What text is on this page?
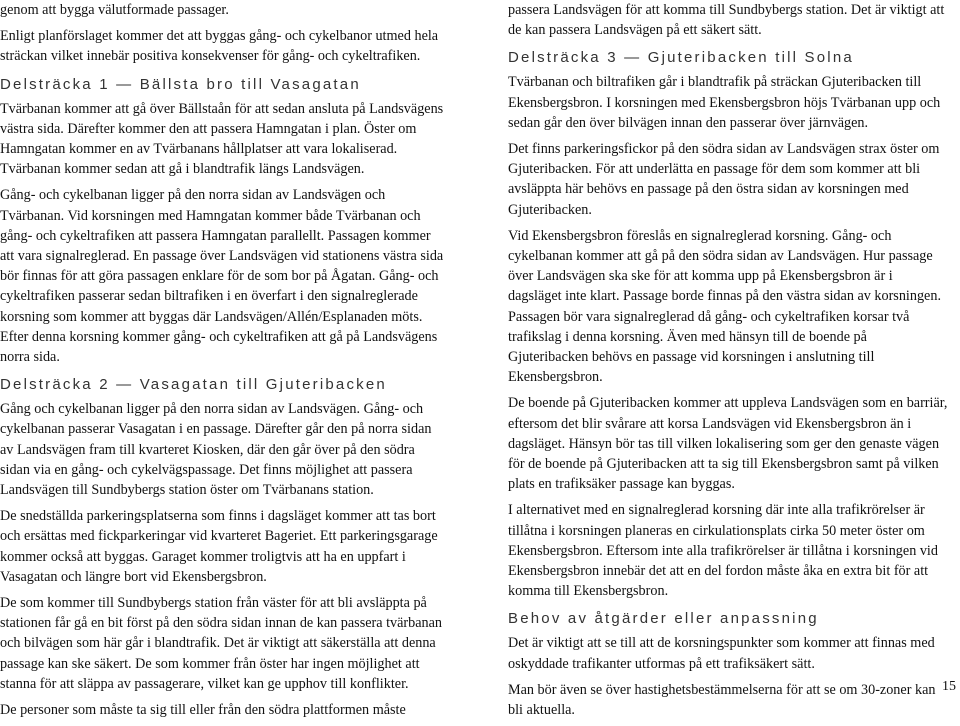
genom att bygga välutformade passager.

Enligt planförslaget kommer det att byggas gång- och cykelbanor utmed hela sträckan vilket innebär positiva konsekvenser för gång- och cykeltrafiken.

Delsträcka 1 — Bällsta bro till Vasagatan

Tvärbanan kommer att gå över Bällstaån för att sedan ansluta på Landsvägens västra sida. Därefter kommer den att passera Hamngatan i plan. Öster om Hamngatan kommer en av Tvärbanans hållplatser att vara lokaliserad. Tvärbanan kommer sedan att gå i blandtrafik längs Landsvägen.

Gång- och cykelbanan ligger på den norra sidan av Landsvägen och Tvärbanan. Vid korsningen med Hamngatan kommer både Tvärbanan och gång- och cykeltrafiken att passera Hamngatan parallellt. Passagen kommer att vara signalreglerad. En passage över Landsvägen vid stationens västra sida bör finnas för att göra passagen enklare för de som bor på Ågatan. Gång- och cykeltrafiken passerar sedan biltrafiken i en överfart i den signalreglerade korsning som kommer att byggas där Landsvägen/Allén/Esplanaden möts. Efter denna korsning kommer gång- och cykeltrafiken att gå på Landsvägens norra sida.

Delsträcka 2 — Vasagatan till Gjuteribacken

Gång och cykelbanan ligger på den norra sidan av Landsvägen. Gång- och cykelbanan passerar Vasagatan i en passage. Därefter går den på norra sidan av Landsvägen fram till kvarteret Kiosken, där den går över på den södra sidan via en gång- och cykelvägspassage. Det finns möjlighet att passera Landsvägen till Sundbybergs station öster om Tvärbanans station.

De snedställda parkeringsplatserna som finns i dagsläget kommer att tas bort och ersättas med fickparkeringar vid kvarteret Bageriet. Ett parkeringsgarage kommer också att byggas. Garaget kommer troligtvis att ha en uppfart i Vasagatan och längre bort vid Ekensbergsbron.

De som kommer till Sundbybergs station från väster för att bli avsläppta på stationen får gå en bit först på den södra sidan innan de kan passera tvärbanan och bilvägen som här går i blandtrafik. Det är viktigt att säkerställa att denna passage kan ske säkert. De som kommer från öster har ingen möjlighet att stanna för att släppa av passagerare, vilket kan ge upphov till konflikter.

De personer som måste ta sig till eller från den södra plattformen måste

passera Landsvägen för att komma till Sundbybergs station. Det är viktigt att de kan passera Landsvägen på ett säkert sätt.

Delsträcka 3 — Gjuteribacken till Solna

Tvärbanan och biltrafiken går i blandtrafik på sträckan Gjuteribacken till Ekensbergsbron. I korsningen med Ekensbergsbron höjs Tvärbanan upp och sedan går den över bilvägen innan den passerar över järnvägen.

Det finns parkeringsfickor på den södra sidan av Landsvägen strax öster om Gjuteribacken. För att underlätta en passage för dem som kommer att bli avsläppta här behövs en passage på den östra sidan av korsningen med Gjuteribacken.

Vid Ekensbergsbron föreslås en signalreglerad korsning. Gång- och cykelbanan kommer att gå på den södra sidan av Landsvägen. Hur passage över Landsvägen ska ske för att komma upp på Ekensbergsbron är i dagsläget inte klart. Passage borde finnas på den västra sidan av korsningen. Passagen bör vara signalreglerad då gång- och cykeltrafiken korsar två trafikslag i denna korsning. Även med hänsyn till de boende på Gjuteribacken behövs en passage vid korsningen i anslutning till Ekensbergsbron.

De boende på Gjuteribacken kommer att uppleva Landsvägen som en barriär, eftersom det blir svårare att korsa Landsvägen vid Ekensbergsbron än i dagsläget. Hänsyn bör tas till vilken lokalisering som ger den genaste vägen för de boende på Gjuteribacken att ta sig till Ekensbergsbron samt på vilken plats en trafiksäker passage kan byggas.

I alternativet med en signalreglerad korsning där inte alla trafikrörelser är tillåtna i korsningen planeras en cirkulationsplats cirka 50 meter öster om Ekensbergsbron. Eftersom inte alla trafikrörelser är tillåtna i korsningen vid Ekensbergsbron innebär det att en del fordon måste åka en extra bit för att komma till Ekensbergsbron.

Behov av åtgärder eller anpassning

Det är viktigt att se till att de korsningspunkter som kommer att finnas med oskyddade trafikanter utformas på ett trafiksäkert sätt.

Man bör även se över hastighetsbestämmelserna för att se om 30-zoner kan bli aktuella.

15
